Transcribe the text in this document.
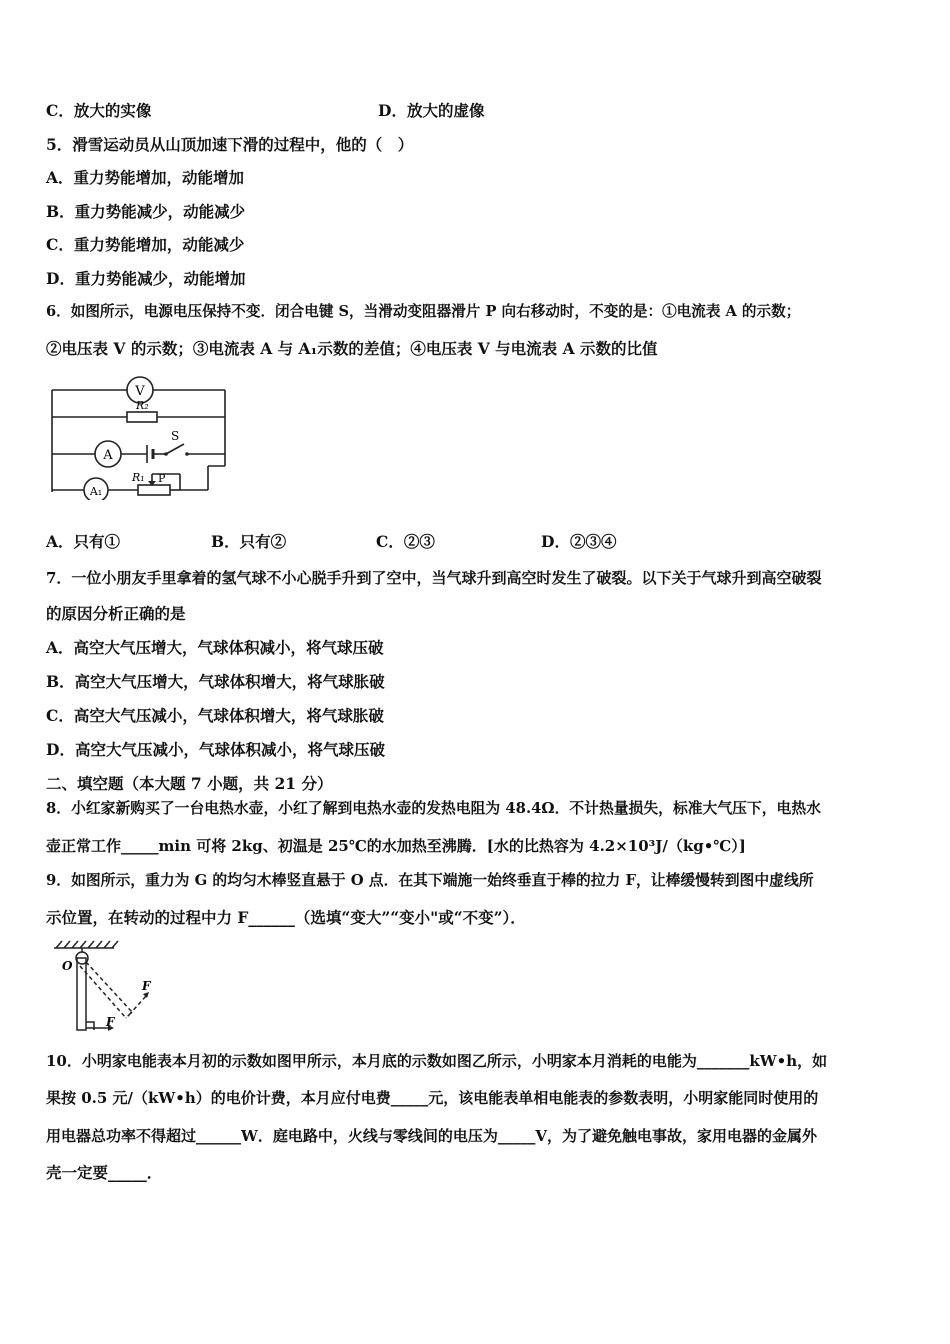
C．放大的实像	D．放大的虚像
5．滑雪运动员从山顶加速下滑的过程中，他的（　）
A．重力势能增加，动能增加
B．重力势能减少，动能减少
C．重力势能增加，动能减少
D．重力势能减少，动能增加
6．如图所示，电源电压保持不变．闭合电键 S，当滑动变阻器滑片 P 向右移动时，不变的是：①电流表 A 的示数；
②电压表 V 的示数；③电流表 A 与 A₁示数的差值；④电压表 V 与电流表 A 示数的比值
V
R₂
A
S
A₁
R₁ P
A．只有①	B．只有②	C．②③	D．②③④
7．一位小朋友手里拿着的氢气球不小心脱手升到了空中，当气球升到高空时发生了破裂。以下关于气球升到高空破裂
的原因分析正确的是
A．高空大气压增大，气球体积减小，将气球压破
B．高空大气压增大，气球体积增大，将气球胀破
C．高空大气压减小，气球体积增大，将气球胀破
D．高空大气压减小，气球体积减小，将气球压破
二、填空题（本大题 7 小题，共 21 分）
8．小红家新购买了一台电热水壶，小红了解到电热水壶的发热电阻为 48.4Ω．不计热量损失，标准大气压下，电热水
壶正常工作_____min 可将 2kg、初温是 25℃的水加热至沸腾．[水的比热容为 4.2×10³J/（kg•℃）]
9．如图所示，重力为 G 的均匀木棒竖直悬于 O 点．在其下端施一始终垂直于棒的拉力 F，让棒缓慢转到图中虚线所
示位置，在转动的过程中力 F______（选填“变大”“变小"或“不变”）．
O
F
F
10．小明家电能表本月初的示数如图甲所示，本月底的示数如图乙所示，小明家本月消耗的电能为_______kW•h，如
果按 0.5 元/（kW•h）的电价计费，本月应付电费_____元，该电能表单相电能表的参数表明，小明家能同时使用的
用电器总功率不得超过______W．庭电路中，火线与零线间的电压为_____V，为了避免触电事故，家用电器的金属外
壳一定要_____．
